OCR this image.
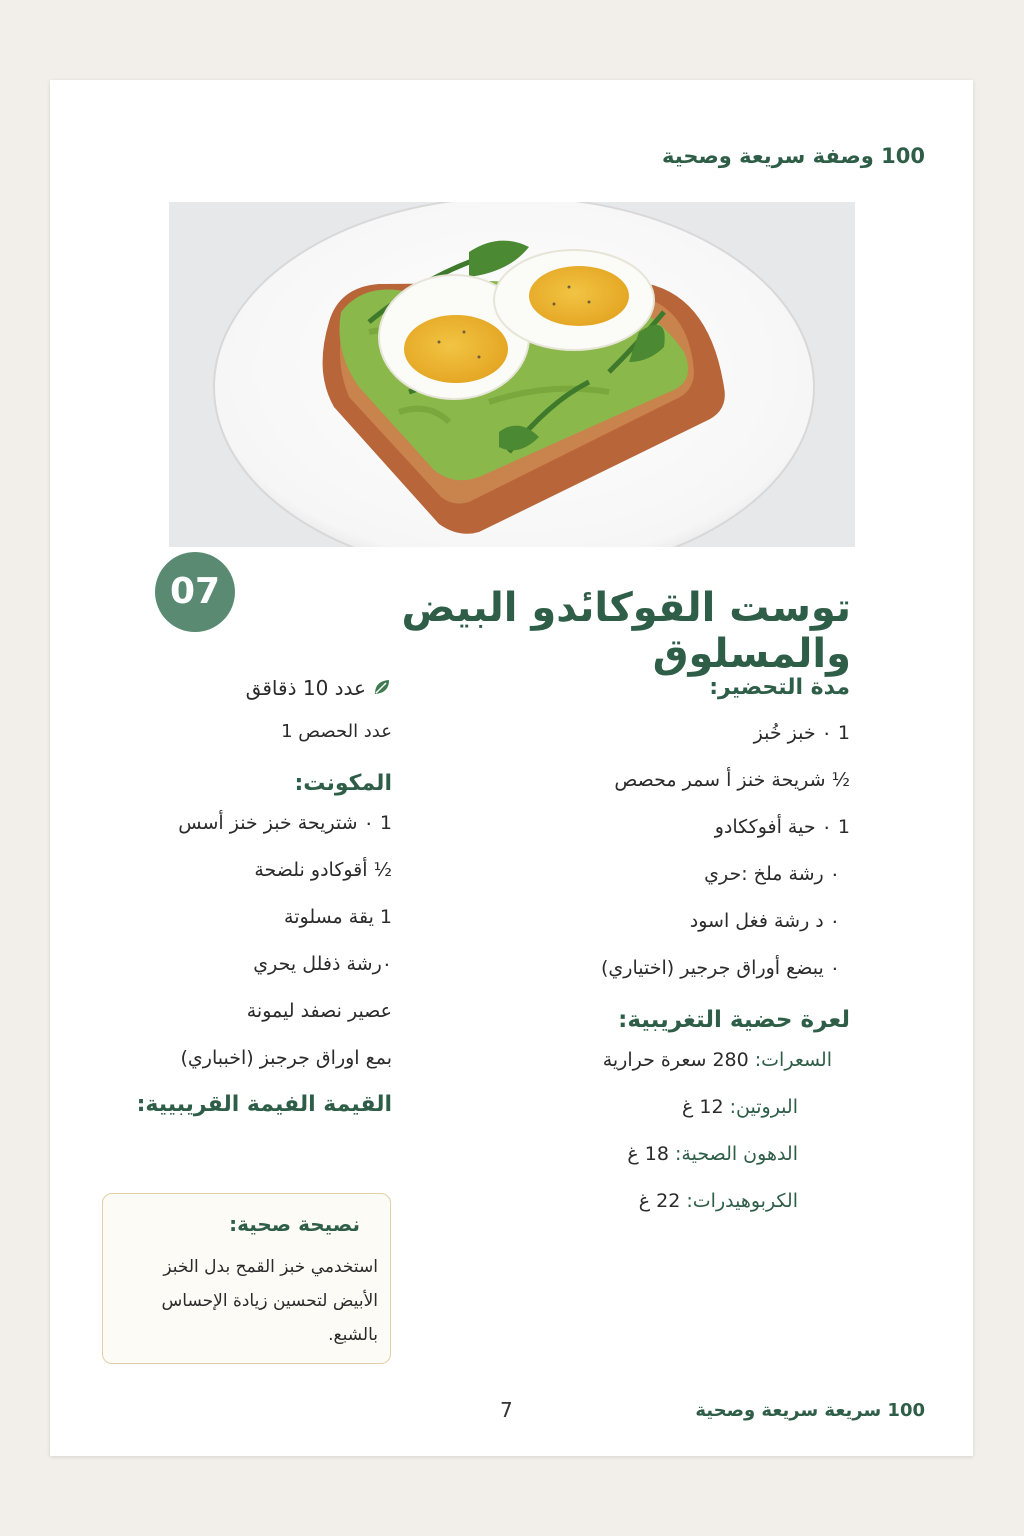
100 وصفة سريعة وصحية
07	توست القوكاىٔدو البيض والمسلوق
عدد 10 ذقاقق
عدد الحصص 1
المكونت:
1 ٠ شتريحة خبز خنز أسس
½ أقوكادو نلضحة
1 يقة مسلوتة
٠رشة ذفلل يحري
عصير نصفد ليمونة
بمع اوراق جرجبز (اخبباري)
القيمة الفيمة القريبيية:
مدة التحضير:
1 ٠ خبز خُبز
½ شريحة خنز أ سمر محصص
1 ٠ حية أفوككادو
٠ رشة ملخ :حري
٠ د رشة فغل اسود
٠ يبضع أوراق جرجير (اختياري)
لعرة حضية التغريبية:
السعرات: 280 سعرة حرارية
البروتين: 12 غ
الدهون الصحية: 18 غ
الكربوهيدرات: 22 غ
نصيحة صحية:
استخدمي خبز القمح بدل الخبز الأبيض لتحسين زيادة الإحساس بالشبع.
7	100 سريعة سريعة وصحية
